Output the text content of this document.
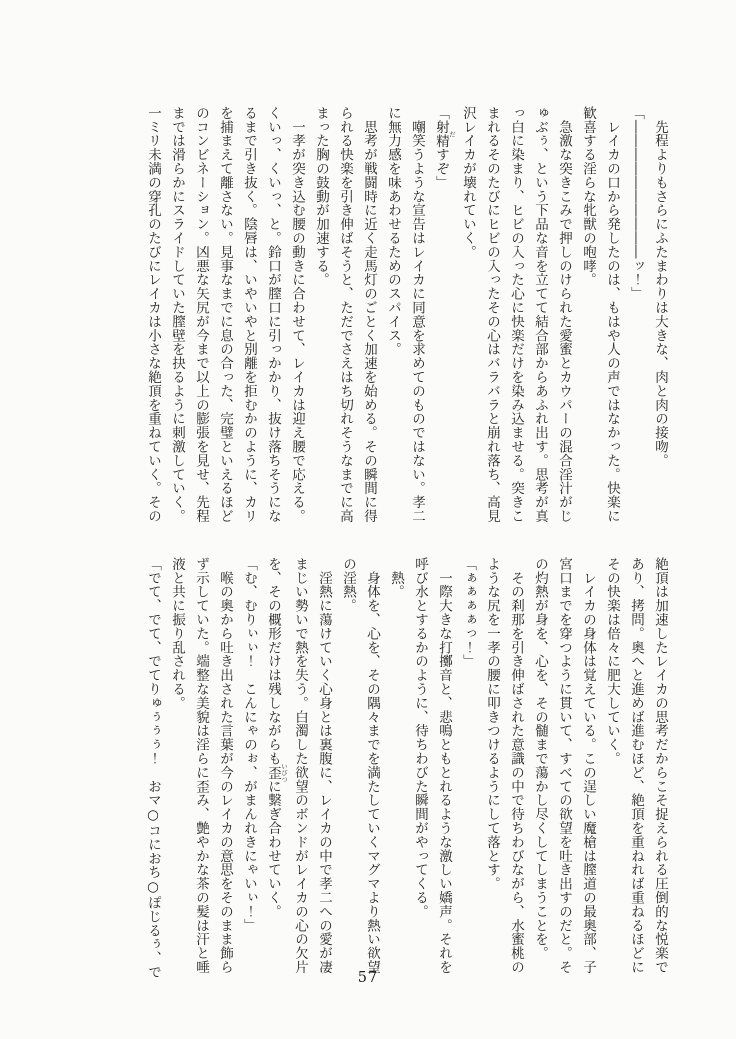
　先程よりもさらにふたまわりは大きな、肉と肉の接吻。
「――――――――――ッ！」
　レイカの口から発したのは、もはや人の声ではなかった。快楽に
歓喜する淫らな牝獣の咆哮。
　急激な突きこみで押しのけられた愛蜜とカウパーの混合淫汁がじ
ゅぶぅ、という下品な音を立てて結合部からあふれ出す。思考が真
っ白に染まり、ヒビの入った心に快楽だけを染み込ませる。突きこ
まれるそのたびにヒビの入ったその心はバラバラと崩れ落ち、高見
沢レイカが壊れていく。
「射精 だすぞ」
　嘲笑うような宣告はレイカに同意を求めてのものではない。孝二
に無力感を味あわせるためのスパイス。
　思考が戦闘時に近く走馬灯のごとく加速を始める。その瞬間に得
られる快楽を引き伸ばそうと、ただでさえはち切れそうなまでに高
まった胸の鼓動が加速する。
　一孝が突き込む腰の動きに合わせて、レイカは迎え腰で応える。
くいっ、くいっ、と。鈴口が膣口に引っかかり、抜け落ちそうにな
るまで引き抜く。陰唇は、いやいやと別離を拒むかのように、カリ
を捕まえて離さない。見事なまでに息の合った、完璧といえるほど
のコンビネーション。凶悪な矢尻が今まで以上の膨張を見せ、先程
までは滑らかにスライドしていた膣壁を抉るように刺激していく。
一ミリ未満の穿孔のたびにレイカは小さな絶頂を重ねていく。その
絶頂は加速したレイカの思考だからこそ捉えられる圧倒的な悦楽で
あり、拷問。奥へと進めば進むほど、絶頂を重ねれば重ねるほどに
その快楽は倍々に肥大していく。
　レイカの身体は覚えている。この逞しい魔槍は膣道の最奥部、子
宮口までを穿つように貫いて、すべての欲望を吐き出すのだと。そ
の灼熱が身を、心を、その髄まで蕩かし尽くしてしまうことを。
　その刹那を引き伸ばされた意識の中で待ちわびながら、水蜜桃の
ような尻を一孝の腰に叩きつけるようにして落とす。
「ぁぁぁぁっ！」
　一際大きな打擲音と、悲鳴ともとれるような激しい嬌声。それを
呼び水とするかのように、待ちわびた瞬間がやってくる。
　熱。
　身体を、心を、その隅々までを満たしていくマグマより熱い欲望
の淫熱。
　淫熱に蕩けていく心身とは裏腹に、レイカの中で孝二への愛が凄
まじい勢いで熱を失う。白濁した欲望のボンドがレイカの心の欠片
を、その概形だけは残しながらも歪 いびつに繋ぎ合わせていく。
「む、むりぃぃ！　こんにゃのぉ、がまんれきにゃいぃ！」
　喉の奥から吐き出された言葉が今のレイカの意思をそのまま飾ら
ず示していた。端整な美貌は淫らに歪み、艶やかな茶の髪は汗と唾
液と共に振り乱される。
「でて、でて、でてりゅぅぅぅ！　おマ○コにおち○ぽじるぅ、で	57
